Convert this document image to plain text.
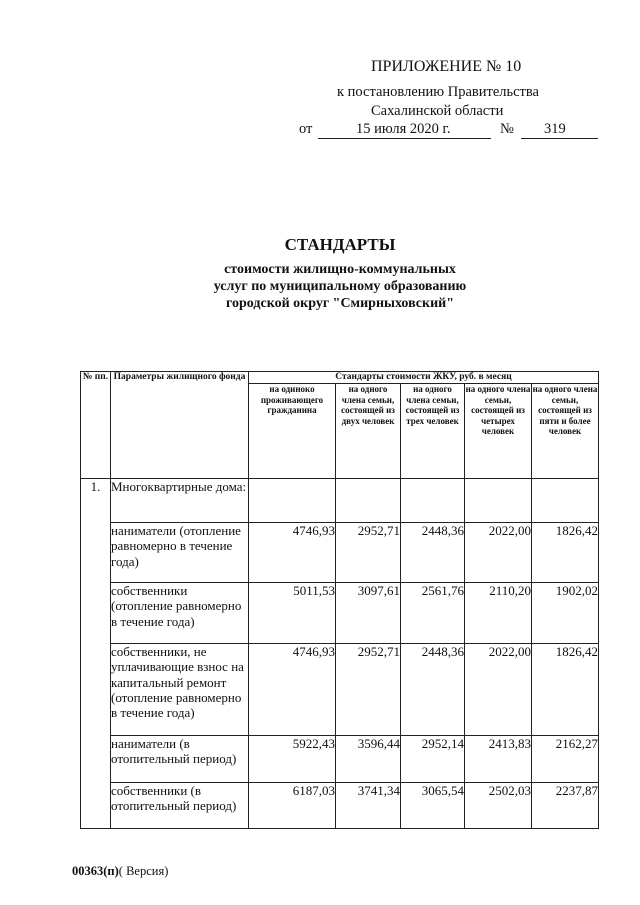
ПРИЛОЖЕНИЕ № 10
к постановлению Правительства
Сахалинской области
от	15 июля 2020 г.	№ 319
СТАНДАРТЫ
стоимости жилищно-коммунальных
услуг по муниципальному образованию
городской округ "Смирныховский"
№ пп.	Параметры жилищного фонда	Стандарты стоимости ЖКУ, руб. в месяц				
		на одиноко проживающего гражданина	на одного члена семьи, состоящей из двух человек	на одного члена семьи, состоящей из трех человек	на одного члена семьи, состоящей из четырех человек	на одного члена семьи, состоящей из пяти и более человек
1.	Многоквартирные дома:					
	наниматели (отопление равномерно в течение года)	4746,93	2952,71	2448,36	2022,00	1826,42
	собственники (отопление равномерно в течение года)	5011,53	3097,61	2561,76	2110,20	1902,02
	собственники, не уплачивающие взнос на капитальный ремонт (отопление равномерно в течение года)	4746,93	2952,71	2448,36	2022,00	1826,42
	наниматели (в отопительный период)	5922,43	3596,44	2952,14	2413,83	2162,27
	собственники (в отопительный период)	6187,03	3741,34	3065,54	2502,03	2237,87
00363(п)( Версия)
